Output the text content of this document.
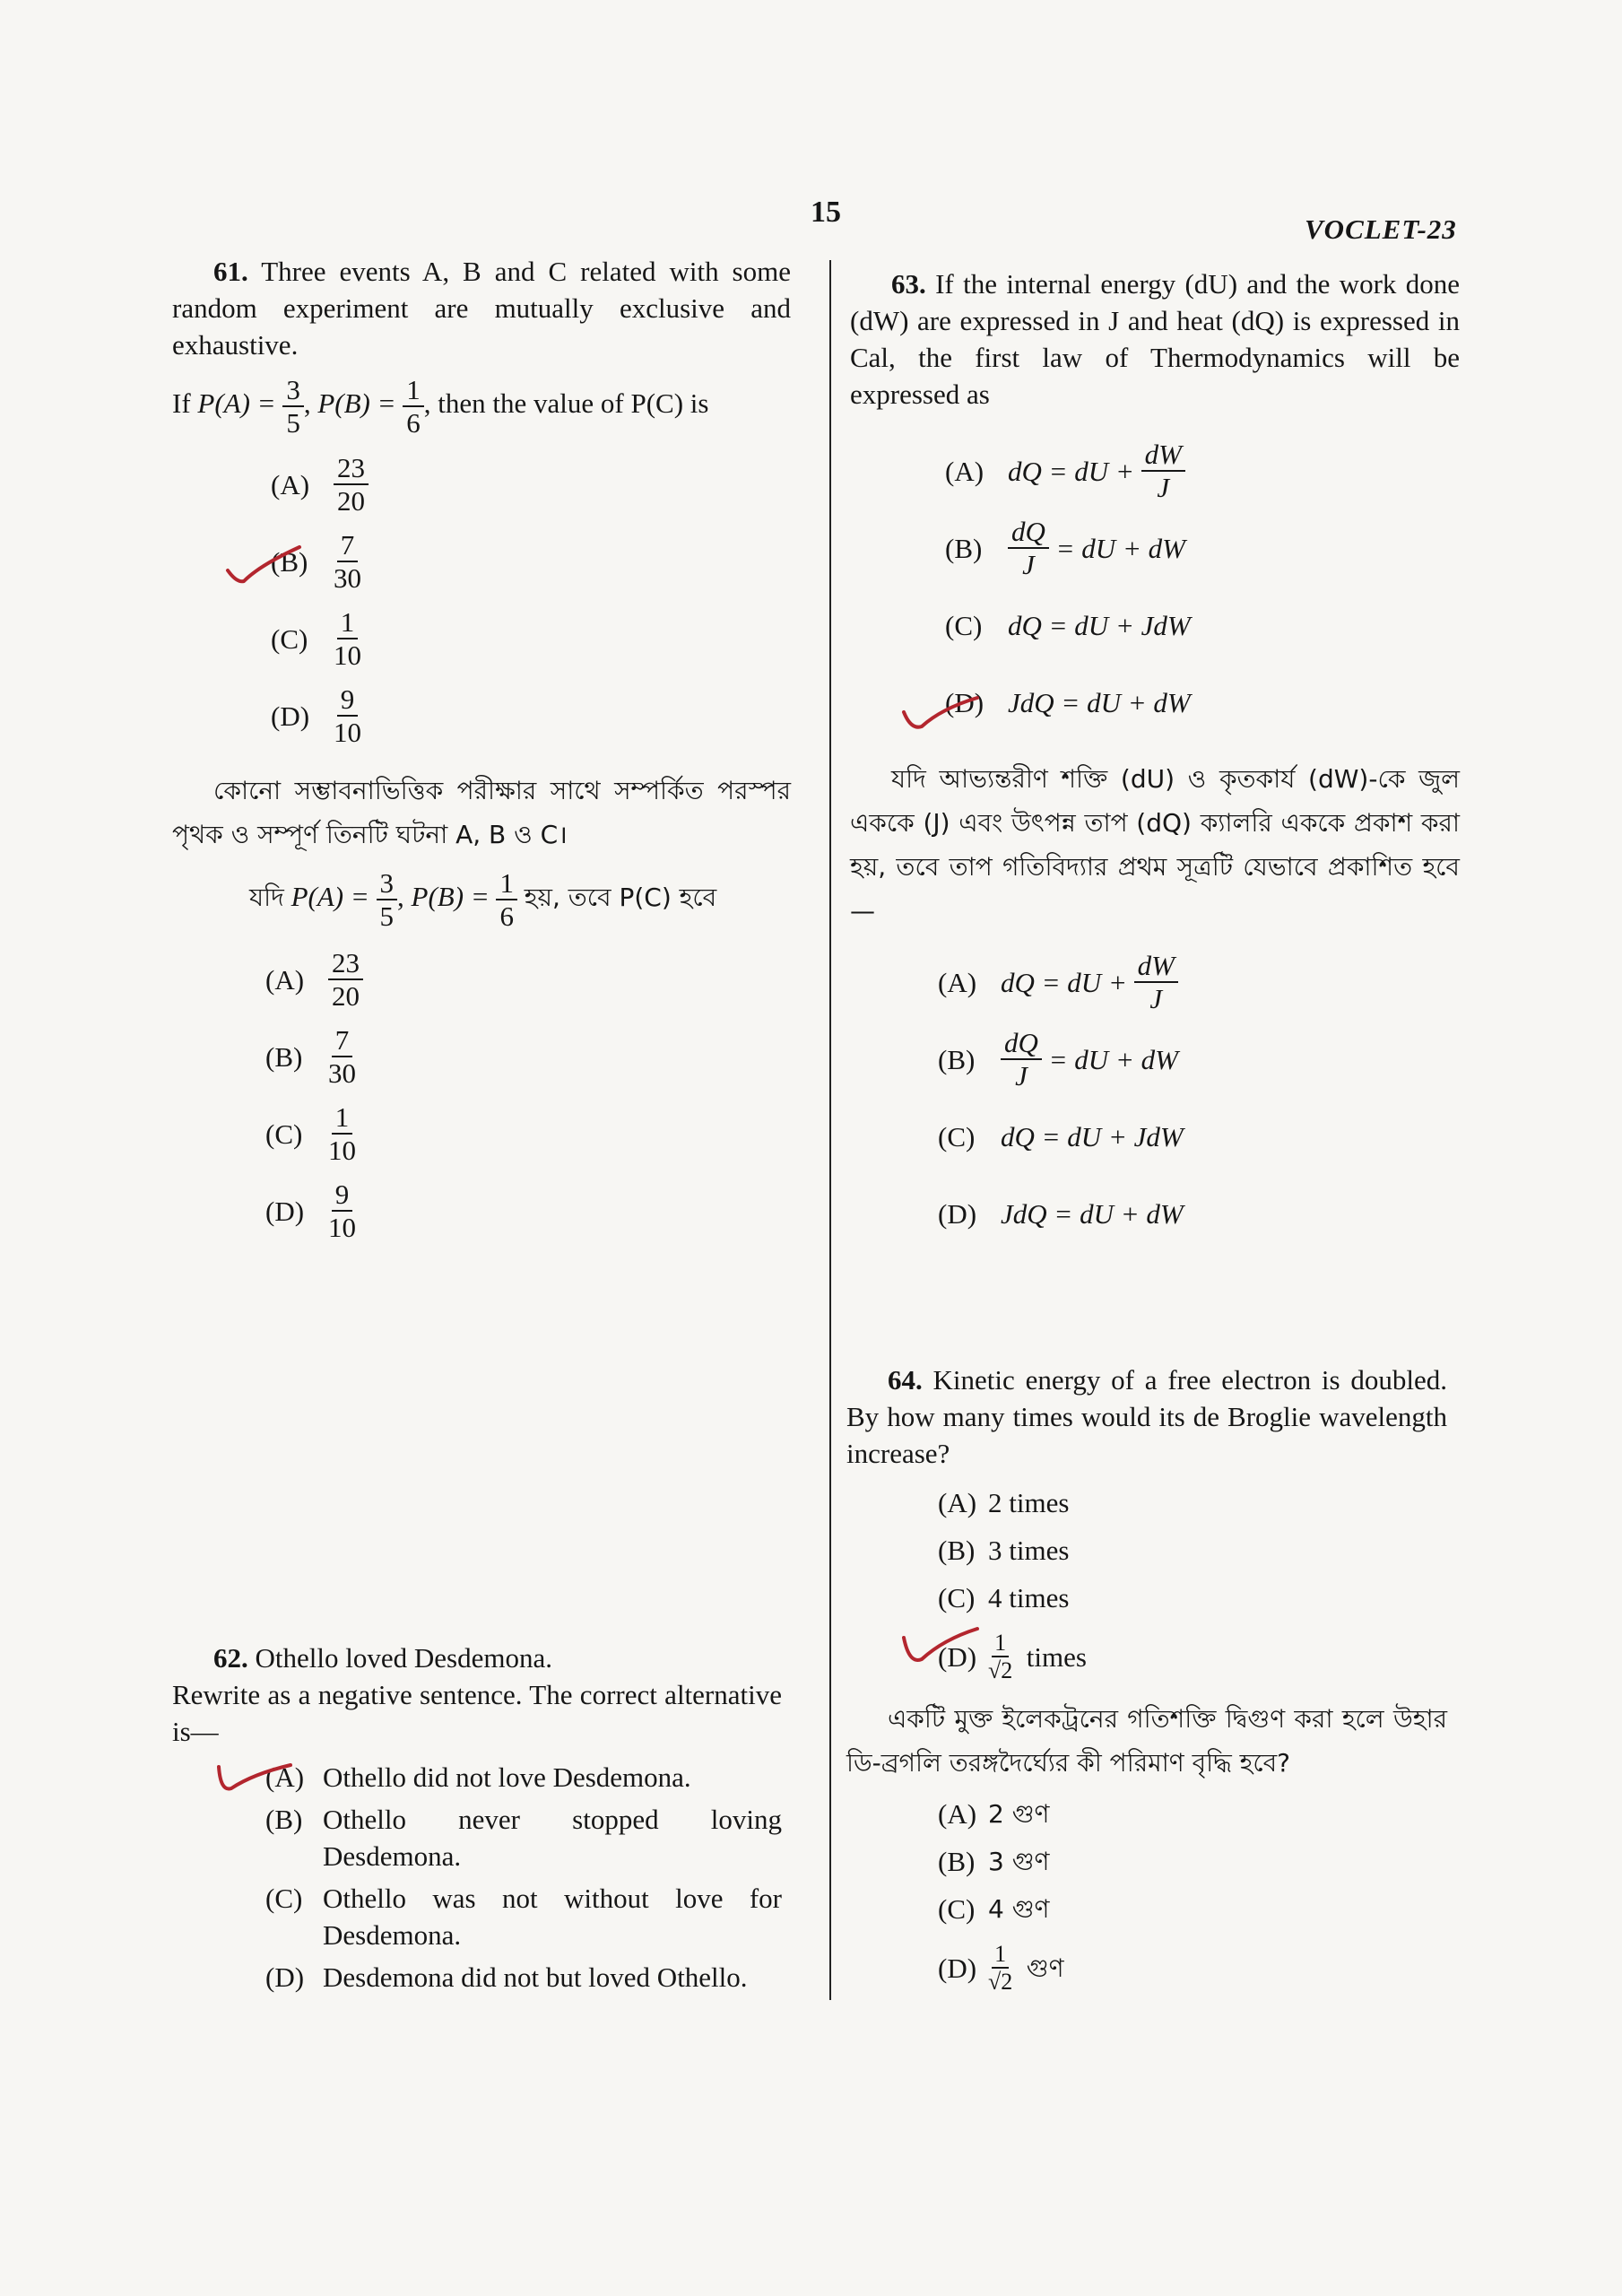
15
VOCLET-23

61. Three events A, B and C related with some random experiment are mutually exclusive and exhaustive.

If $P(A) = \frac{3}{5}$ , $P(B) = \frac{1}{6}$ , then the value of P(C) is

$(A) \frac{23}{20}$
$(B) \frac{7}{30}$
$(C) \frac{1}{10}$
$(D) \frac{9}{10}$

কোনো সম্ভাবনাভিত্তিক পরীক্ষার সাথে সম্পর্কিত পরস্পর পৃথক ও সম্পূর্ণ তিনটি ঘটনা A, B ও C।

যদি $P(A) = \frac{3}{5}$ , $P(B) = \frac{1}{6}$ হয়, তবে P(C) হবে

$(A) \frac{23}{20}$
$(B) \frac{7}{30}$
$(C) \frac{1}{10}$
$(D) \frac{9}{10}$

62. Othello loved Desdemona.

Rewrite as a negative sentence. The correct alternative is—

(A) Othello did not love Desdemona.
(B) Othello never stopped loving Desdemona.
(C) Othello was not without love for Desdemona.
(D) Desdemona did not but loved Othello.

63. If the internal energy (dU) and the work done (dW) are expressed in J and heat (dQ) is expressed in Cal, the first law of Thermodynamics will be expressed as

(A) dQ = dU +
$\frac{dW}{J}$
$(B) \frac{dQ}{J}$
= dU + dW
(C) dQ = dU + JdW
(D) JdQ = dU + dW

যদি আভ্যন্তরীণ শক্তি (dU) ও কৃতকার্য (dW)-কে জুল এককে (J) এবং উৎপন্ন তাপ (dQ) ক্যালরি এককে প্রকাশ করা হয়, তবে তাপ গতিবিদ্যার প্রথম সূত্রটি যেভাবে প্রকাশিত হবে—

(A) dQ = dU +
$\frac{dW}{J}$
$(B) \frac{dQ}{J}$
= dU + dW
(C) dQ = dU + JdW
(D) JdQ = dU + dW

64. Kinetic energy of a free electron is doubled. By how many times would its de Broglie wavelength increase?

(A) 2 times
(B) 3 times
(C) 4 times
$(D) \frac{1}{√2}$
times

একটি মুক্ত ইলেকট্রনের গতিশক্তি দ্বিগুণ করা হলে উহার ডি-ব্রগলি তরঙ্গদৈর্ঘ্যের কী পরিমাণ বৃদ্ধি হবে?

(A) 2 গুণ
(B) 3 গুণ
(C) 4 গুণ
$(D) \frac{1}{√2}$
গুণ
